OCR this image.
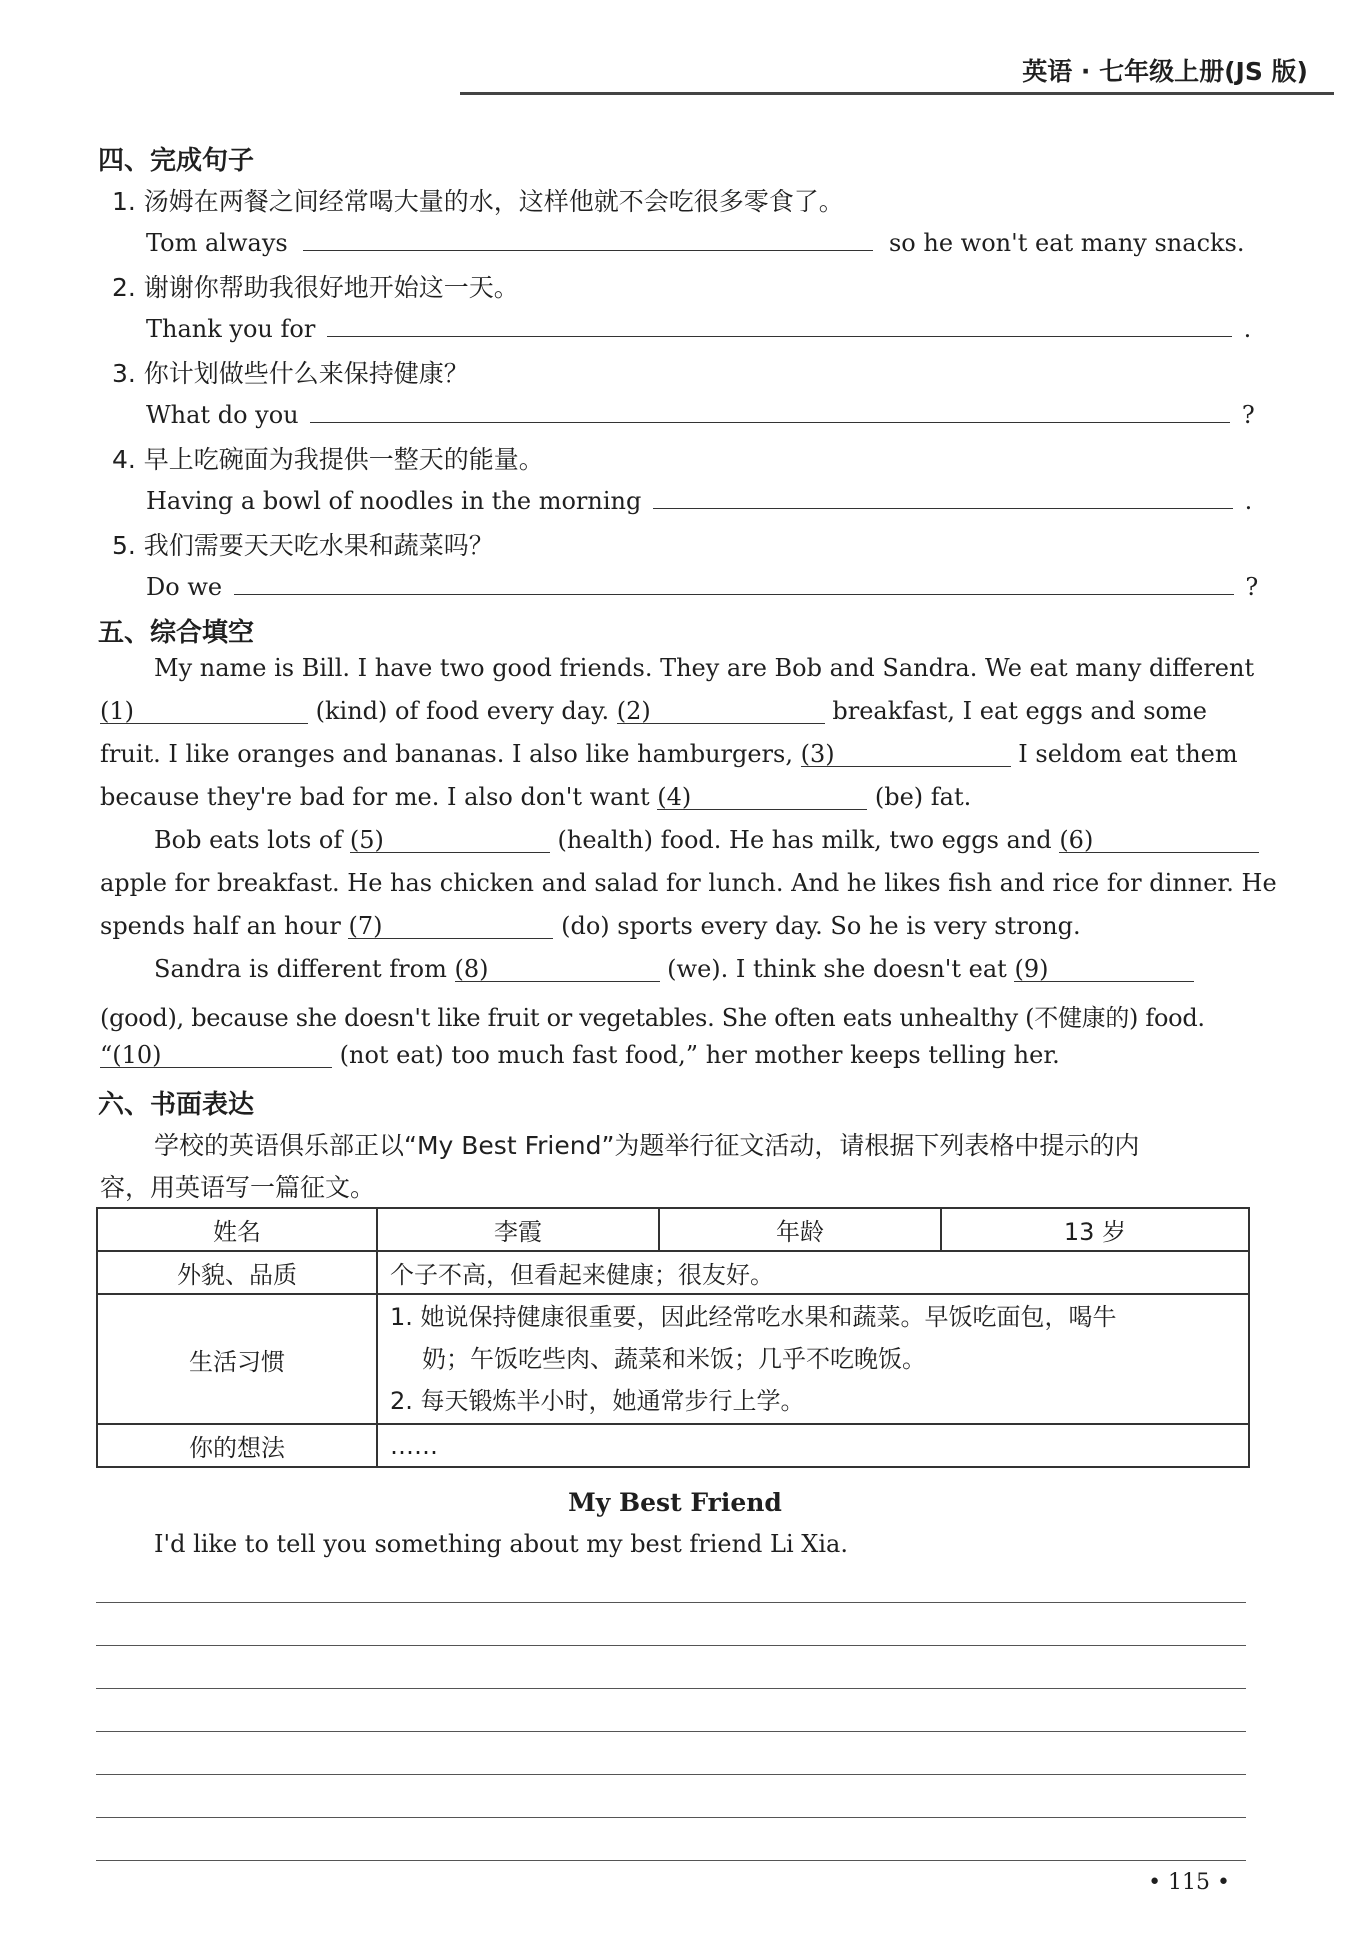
英语 · 七年级上册(JS 版)
四、完成句子
1. 汤姆在两餐之间经常喝大量的水，这样他就不会吃很多零食了。
Tom always	so he won't eat many snacks.
2. 谢谢你帮助我很好地开始这一天。
Thank you for	.
3. 你计划做些什么来保持健康？
What do you	?
4. 早上吃碗面为我提供一整天的能量。
Having a bowl of noodles in the morning	.
5. 我们需要天天吃水果和蔬菜吗？
Do we	?
五、综合填空
My name is Bill. I have two good friends. They are Bob and Sandra. We eat many different
(1)	(kind) of food every day. (2)	breakfast, I eat eggs and some
fruit. I like oranges and bananas. I also like hamburgers, (3)	I seldom eat them
because they're bad for me. I also don't want (4)	(be) fat.
Bob eats lots of (5)	(health) food. He has milk, two eggs and (6)
apple for breakfast. He has chicken and salad for lunch. And he likes fish and rice for dinner. He
spends half an hour (7)	(do) sports every day. So he is very strong.
Sandra is different from (8)	(we). I think she doesn't eat (9)
(good), because she doesn't like fruit or vegetables. She often eats unhealthy (不健康的) food.
“(10)	(not eat) too much fast food,” her mother keeps telling her.
六、书面表达
学校的英语俱乐部正以“My Best Friend”为题举行征文活动，请根据下列表格中提示的内
容，用英语写一篇征文。
姓名	李霞	年龄	13 岁
外貌、品质	个子不高，但看起来健康；很友好。		
生活习惯	1. 她说保持健康很重要，因此经常吃水果和蔬菜。早饭吃面包，喝牛
奶；午饭吃些肉、蔬菜和米饭；几乎不吃晚饭。
2. 每天锻炼半小时，她通常步行上学。		

你的想法	……		
My Best Friend
I'd like to tell you something about my best friend Li Xia.
• 115 •
